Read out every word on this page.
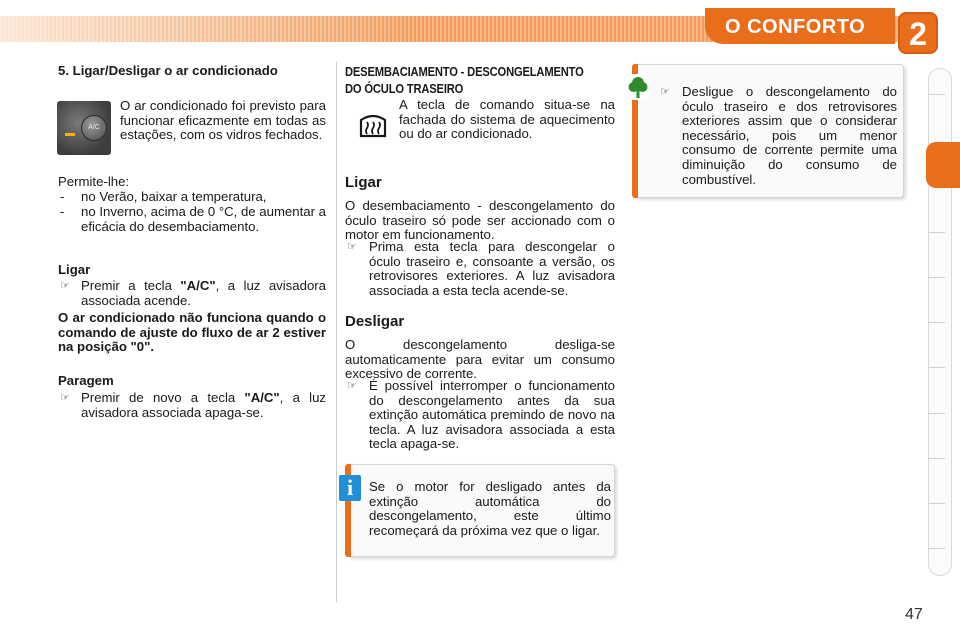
O CONFORTO	2
5. Ligar/Desligar o ar condicionado
A/C
O ar condicionado foi previsto para funcionar eficazmente em todas as estações, com os vidros fechados.
Permite-lhe:
- no Verão, baixar a temperatura,
- no Inverno, acima de 0 °C, de aumentar a eficácia do desembaciamento.
Ligar
☞ Premir a tecla "A/C", a luz avisadora associada acende.
O ar condicionado não funciona quando o comando de ajuste do fluxo de ar 2 estiver na posição "0".
Paragem
☞ Premir de novo a tecla "A/C", a luz avisadora associada apaga-se.
DESEMBACIAMENTO - DESCONGELAMENTO
DO ÓCULO TRASEIRO
A tecla de comando situa-se na fachada do sistema de aquecimento ou do ar condicionado.
Ligar
O desembaciamento - descongelamento do óculo traseiro só pode ser accionado com o motor em funcionamento.
☞ Prima esta tecla para descongelar o óculo traseiro e, consoante a versão, os retrovisores exteriores. A luz avisadora associada a esta tecla acende-se.
Desligar
O descongelamento desliga-se automaticamente para evitar um consumo excessivo de corrente.
☞ É possível interromper o funcionamento do descongelamento antes da sua extinção automática premindo de novo na tecla. A luz avisadora associada a esta tecla apaga-se.
i	Se o motor for desligado antes da extinção automática do descongelamento, este último recomeçará da próxima vez que o ligar.
☞ Desligue o descongelamento do óculo traseiro e dos retrovisores exteriores assim que o considerar necessário, pois um menor consumo de corrente permite uma diminuição do consumo de combustível.
47
